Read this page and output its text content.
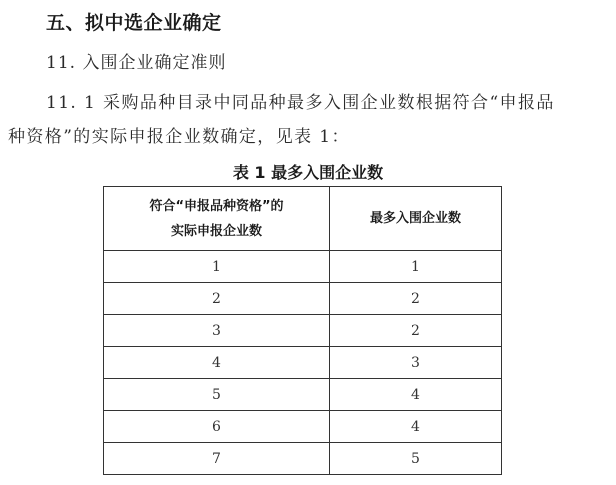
五、拟中选企业确定
11. 入围企业确定准则
11. 1 采购品种目录中同品种最多入围企业数根据符合“申报品
种资格”的实际申报企业数确定，见表 1：
表 1 最多入围企业数
符合“申报品种资格”的
实际申报企业数	最多入围企业数
1	1
2	2
3	2
4	3
5	4
6	4
7	5
